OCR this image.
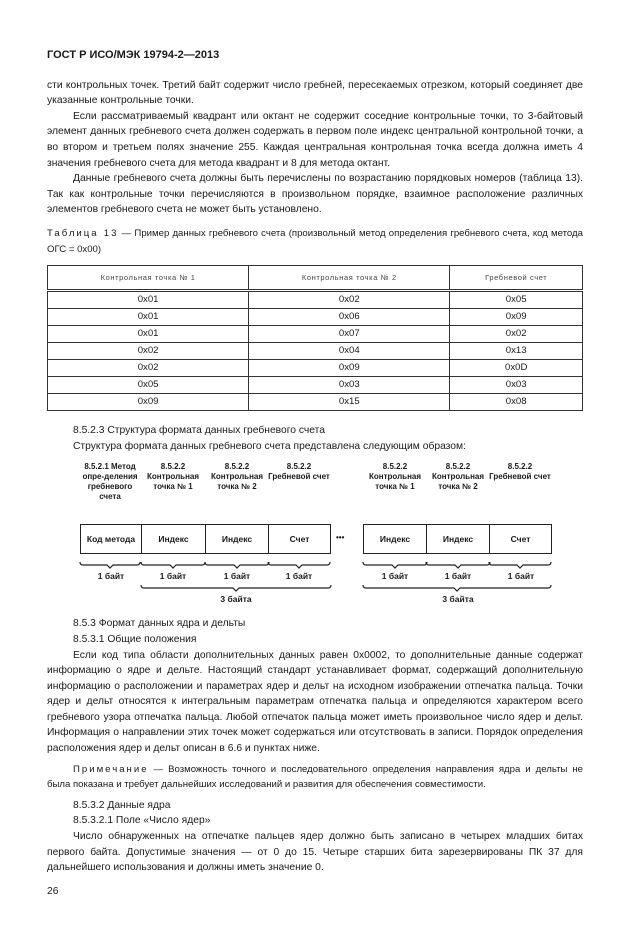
ГОСТ Р ИСО/МЭК 19794-2—2013

сти контрольных точек. Третий байт содержит число гребней, пересекаемых отрезком, который соединяет две указанные контрольные точки.

Если рассматриваемый квадрант или октант не содержит соседние контрольные точки, то 3-байтовый элемент данных гребневого счета должен содержать в первом поле индекс центральной контрольной точки, а во втором и третьем полях значение 255. Каждая центральная контрольная точка всегда должна иметь 4 значения гребневого счета для метода квадрант и 8 для метода октант.

Данные гребневого счета должны быть перечислены по возрастанию порядковых номеров (таблица 13). Так как контрольные точки перечисляются в произвольном порядке, взаимное расположение различных элементов гребневого счета не может быть установлено.

Таблица 13 — Пример данных гребневого счета (произвольный метод определения гребневого счета, код метода ОГС = 0x00)

Контрольная точка № 1	Контрольная точка № 2	Гребневой счет
0x01	0x02	0x05
0x01	0x06	0x09
0x01	0x07	0x02
0x02	0x04	0x13
0x02	0x09	0x0D
0x05	0x03	0x03
0x09	0x15	0x08

8.5.2.3 Структура формата данных гребневого счета

Структура формата данных гребневого счета представлена следующим образом:

8.5.2.1 Метод опре-деления гребневого счета
8.5.2.2 Контрольная точка № 1
8.5.2.2 Контрольная точка № 2
8.5.2.2 Гребневой счет
8.5.2.2 Контрольная точка № 1
8.5.2.2 Контрольная точка № 2
8.5.2.2 Гребневой счет
Код метода	Индекс	Индекс	Счет	•••	Индекс	Индекс	Счет
1 байт	1 байт	1 байт	1 байт	1 байт	1 байт	1 байт
3 байта	3 байта

8.5.3 Формат данных ядра и дельты

8.5.3.1 Общие положения

Если код типа области дополнительных данных равен 0x0002, то дополнительные данные содержат информацию о ядре и дельте. Настоящий стандарт устанавливает формат, содержащий дополнительную информацию о расположении и параметрах ядер и дельт на исходном изображении отпечатка пальца. Точки ядер и дельт относятся к интегральным параметрам отпечатка пальца и определяются характером всего гребневого узора отпечатка пальца. Любой отпечаток пальца может иметь произвольное число ядер и дельт. Информация о направлении этих точек может содержаться или отсутствовать в записи. Порядок определения расположения ядер и дельт описан в 6.6 и пунктах ниже.

Примечание — Возможность точного и последовательного определения направления ядра и дельты не была показана и требует дальнейших исследований и развития для обеспечения совместимости.

8.5.3.2 Данные ядра

8.5.3.2.1 Поле «Число ядер»

Число обнаруженных на отпечатке пальцев ядер должно быть записано в четырех младших битах первого байта. Допустимые значения — от 0 до 15. Четыре старших бита зарезервированы ПК 37 для дальнейшего использования и должны иметь значение 0.

26
